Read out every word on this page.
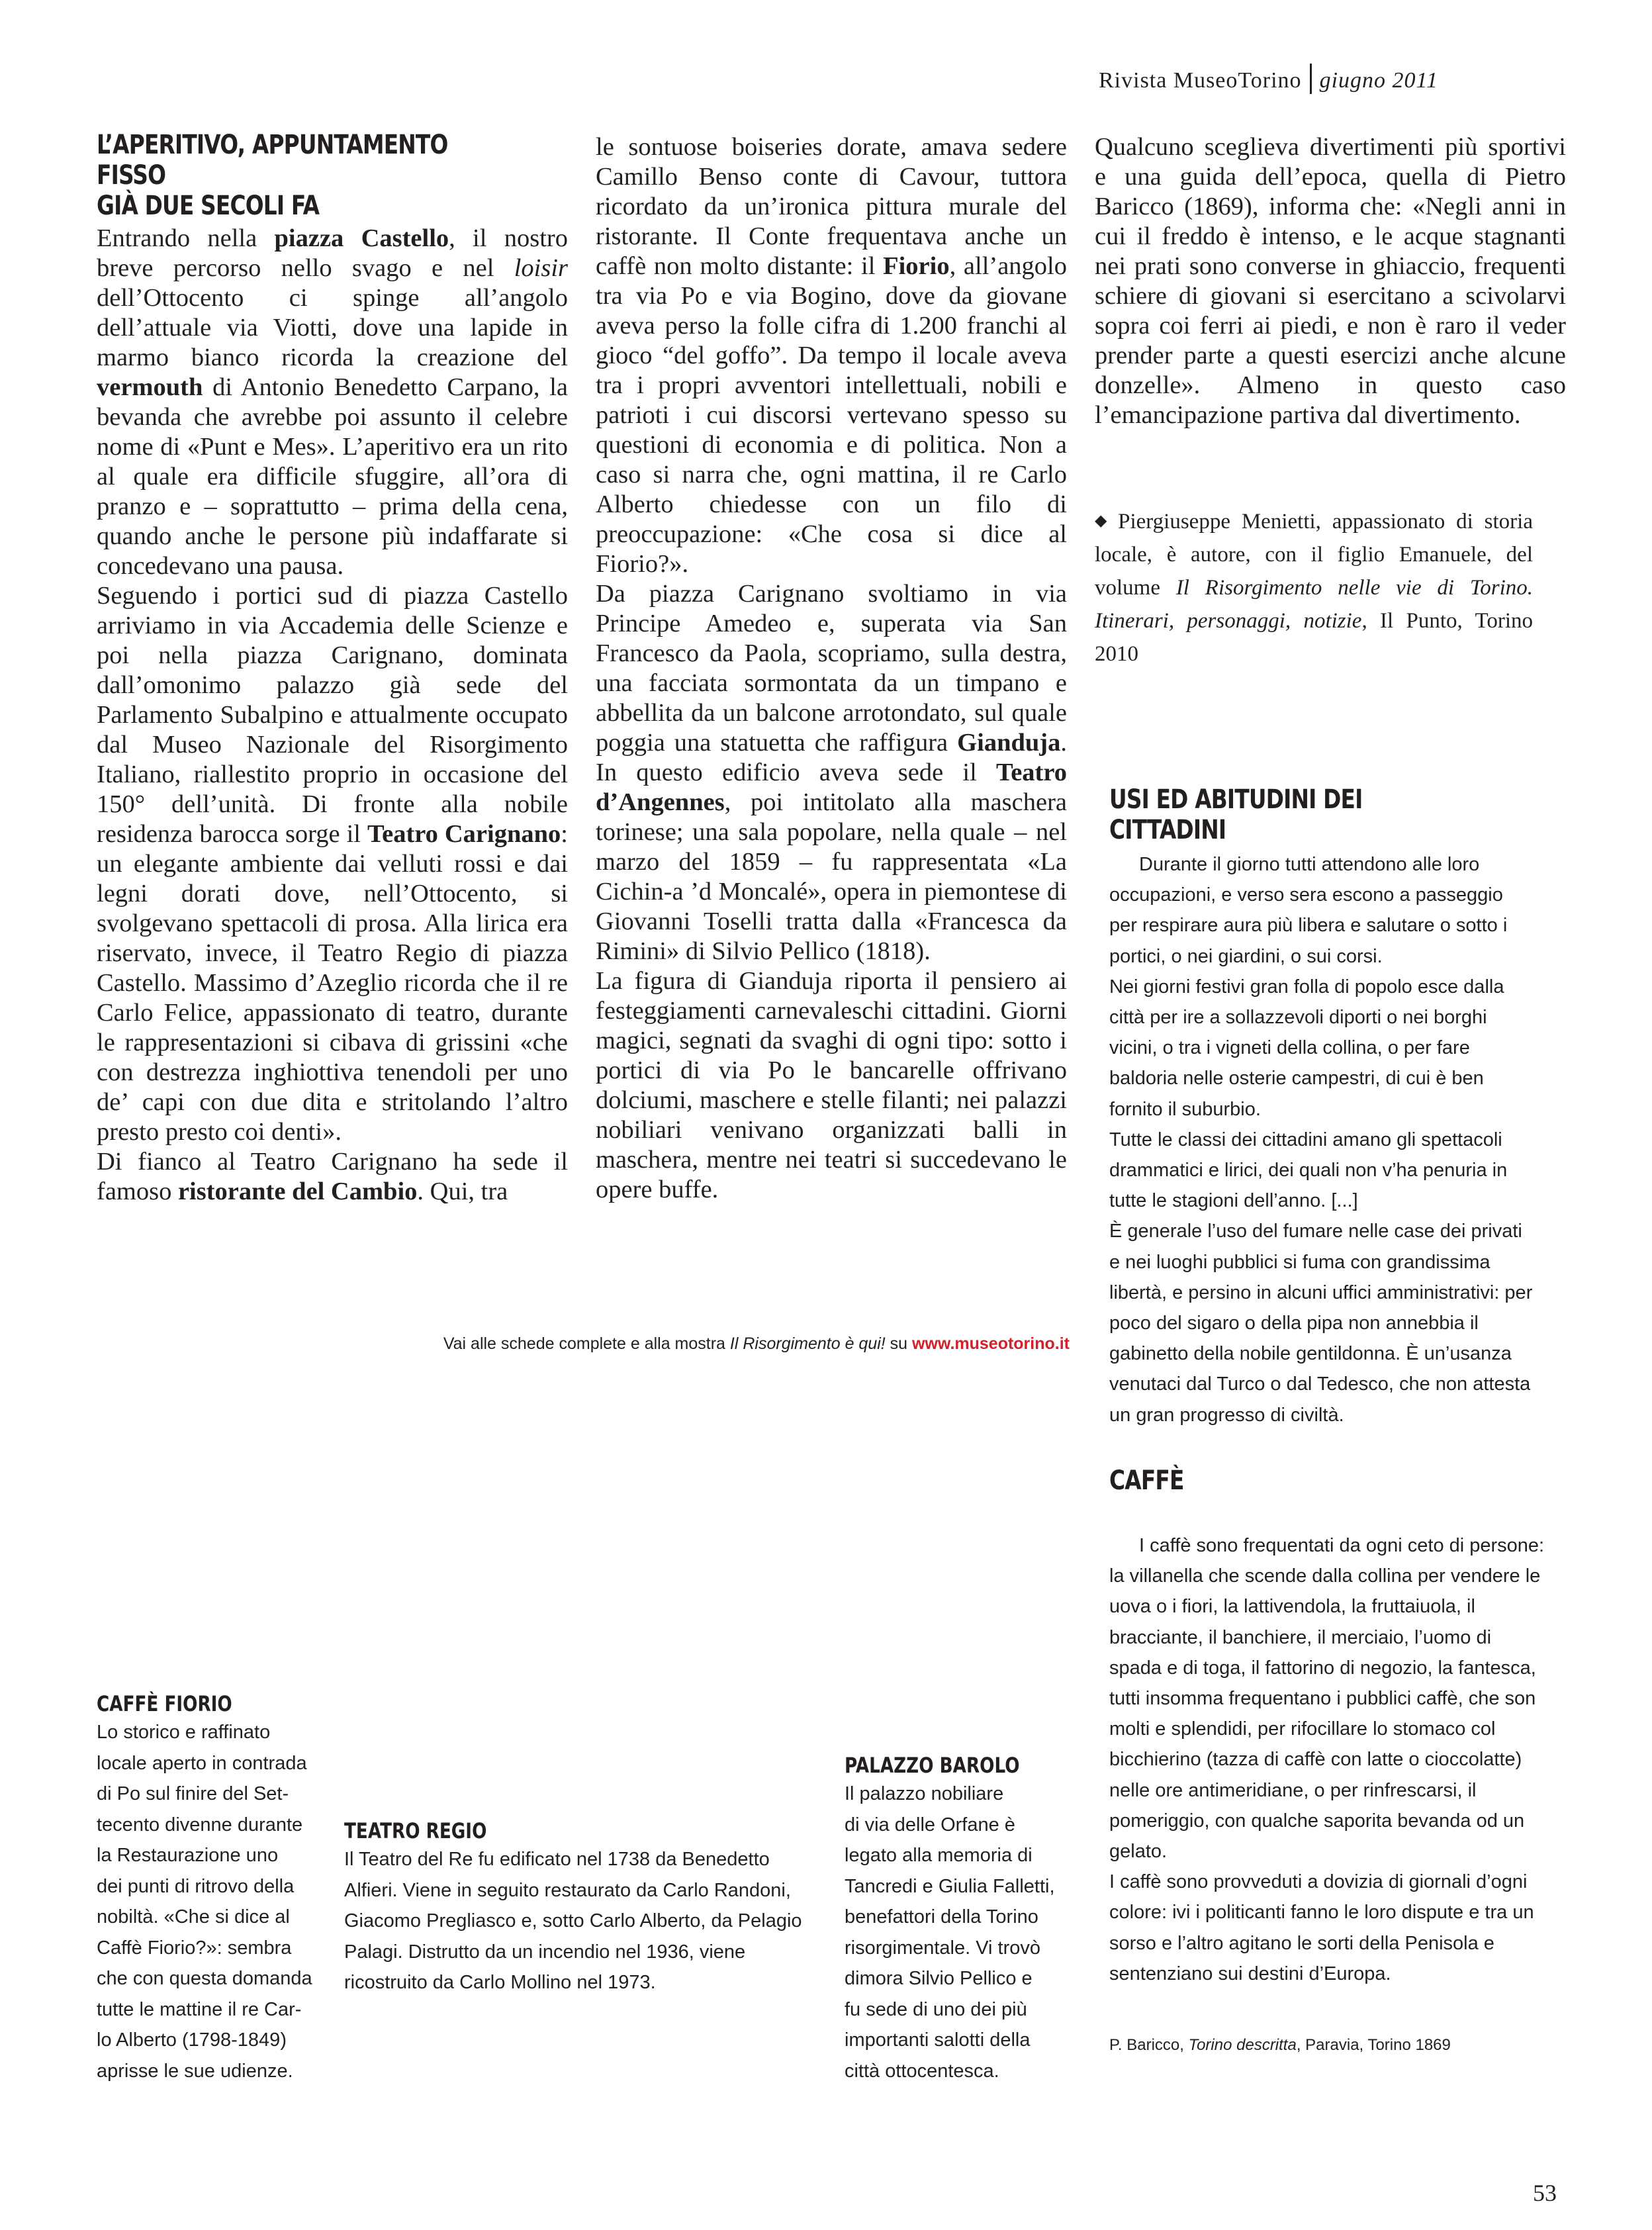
Rivista MuseoTorino giugno 2011
L’APERITIVO, APPUNTAMENTO FISSO
GIÀ DUE SECOLI FA

Entrando nella piazza Castello, il nostro breve percorso nello svago e nel loisir dell’Ottocento ci spinge all’angolo dell’attuale via Viotti, dove una lapide in marmo bianco ricorda la creazione del vermouth di Antonio Benedetto Carpano, la bevanda che avrebbe poi assunto il celebre nome di «Punt e Mes». L’aperitivo era un rito al quale era difficile sfuggire, all’ora di pranzo e – soprattutto – prima della cena, quando anche le persone più indaffarate si concedevano una pausa.

Seguendo i portici sud di piazza Castello arriviamo in via Accademia delle Scienze e poi nella piazza Carignano, dominata dall’omonimo palazzo già sede del Parlamento Subalpino e attualmente occupato dal Museo Nazionale del Risorgimento Italiano, riallestito proprio in occasione del 150° dell’unità. Di fronte alla nobile residenza barocca sorge il Teatro Carignano: un elegante ambiente dai velluti rossi e dai legni dorati dove, nell’Ottocento, si svolgevano spettacoli di prosa. Alla lirica era riservato, invece, il Teatro Regio di piazza Castello. Massimo d’Azeglio ricorda che il re Carlo Felice, appassionato di teatro, durante le rappresentazioni si cibava di grissini «che con destrezza inghiottiva tenendoli per uno de’ capi con due dita e stritolando l’altro presto presto coi denti».

Di fianco al Teatro Carignano ha sede il famoso ristorante del Cambio. Qui, tra

le sontuose boiseries dorate, amava sedere Camillo Benso conte di Cavour, tuttora ricordato da un’ironica pittura murale del ristorante. Il Conte frequentava anche un caffè non molto distante: il Fiorio, all’angolo tra via Po e via Bogino, dove da giovane aveva perso la folle cifra di 1.200 franchi al gioco “del goffo”. Da tempo il locale aveva tra i propri avventori intellettuali, nobili e patrioti i cui discorsi vertevano spesso su questioni di economia e di politica. Non a caso si narra che, ogni mattina, il re Carlo Alberto chiedesse con un filo di preoccupazione: «Che cosa si dice al Fiorio?».

Da piazza Carignano svoltiamo in via Principe Amedeo e, superata via San Francesco da Paola, scopriamo, sulla destra, una facciata sormontata da un timpano e abbellita da un balcone arrotondato, sul quale poggia una statuetta che raffigura Gianduja. In questo edificio aveva sede il Teatro d’Angennes, poi intitolato alla maschera torinese; una sala popolare, nella quale – nel marzo del 1859 – fu rappresentata «La Cichin-a ’d Moncalé», opera in piemontese di Giovanni Toselli tratta dalla «Francesca da Rimini» di Silvio Pellico (1818).

La figura di Gianduja riporta il pensiero ai festeggiamenti carnevaleschi cittadini. Giorni magici, segnati da svaghi di ogni tipo: sotto i portici di via Po le bancarelle offrivano dolciumi, maschere e stelle filanti; nei palazzi nobiliari venivano organizzati balli in maschera, mentre nei teatri si succedevano le opere buffe.

Qualcuno sceglieva divertimenti più sportivi e una guida dell’epoca, quella di Pietro Baricco (1869), informa che: «Negli anni in cui il freddo è intenso, e le acque stagnanti nei prati sono converse in ghiaccio, frequenti schiere di giovani si esercitano a scivolarvi sopra coi ferri ai piedi, e non è raro il veder prender parte a questi esercizi anche alcune donzelle». Almeno in questo caso l’emancipazione partiva dal divertimento.

◆ Piergiuseppe Menietti, appassionato di storia locale, è autore, con il figlio Emanuele, del volume Il Risorgimento nelle vie di Torino. Itinerari, personaggi, notizie, Il Punto, Torino 2010
Vai alle schede complete e alla mostra Il Risorgimento è qui! su www.museotorino.it
USI ED ABITUDINI DEI CITTADINI

Durante il giorno tutti attendono alle loro occupazioni, e verso sera escono a passeggio per respirare aura più libera e salutare o sotto i portici, o nei giardini, o sui corsi.

Nei giorni festivi gran folla di popolo esce dalla città per ire a sollazzevoli diporti o nei borghi vicini, o tra i vigneti della collina, o per fare baldoria nelle osterie campestri, di cui è ben fornito il suburbio.

Tutte le classi dei cittadini amano gli spettacoli drammatici e lirici, dei quali non v’ha penuria in tutte le stagioni dell’anno. [...]

È generale l’uso del fumare nelle case dei privati e nei luoghi pubblici si fuma con grandissima libertà, e persino in alcuni uffici amministrativi: per poco del sigaro o della pipa non annebbia il gabinetto della nobile gentildonna. È un’usanza venutaci dal Turco o dal Tedesco, che non attesta un gran progresso di civiltà.

CAFFÈ

I caffè sono frequentati da ogni ceto di persone: la villanella che scende dalla collina per vendere le uova o i fiori, la lattivendola, la fruttaiuola, il bracciante, il banchiere, il merciaio, l’uomo di spada e di toga, il fattorino di negozio, la fantesca, tutti insomma frequentano i pubblici caffè, che son molti e splendidi, per rifocillare lo stomaco col bicchierino (tazza di caffè con latte o cioccolatte) nelle ore antimeridiane, o per rinfrescarsi, il pomeriggio, con qualche saporita bevanda od un gelato.

I caffè sono provveduti a dovizia di giornali d’ogni colore: ivi i politicanti fanno le loro dispute e tra un sorso e l’altro agitano le sorti della Penisola e sentenziano sui destini d’Europa.

P. Baricco, Torino descritta, Paravia, Torino 1869
CAFFÈ FIORIO

Lo storico e raffinato
locale aperto in contrada
di Po sul finire del Set-
tecento divenne durante
la Restaurazione uno
dei punti di ritrovo della
nobiltà. «Che si dice al
Caffè Fiorio?»: sembra
che con questa domanda
tutte le mattine il re Car-
lo Alberto (1798-1849)
aprisse le sue udienze.

TEATRO REGIO

Il Teatro del Re fu edificato nel 1738 da Benedetto
Alfieri. Viene in seguito restaurato da Carlo Randoni,
Giacomo Pregliasco e, sotto Carlo Alberto, da Pelagio
Palagi. Distrutto da un incendio nel 1936, viene
ricostruito da Carlo Mollino nel 1973.

PALAZZO BAROLO

Il palazzo nobiliare
di via delle Orfane è
legato alla memoria di
Tancredi e Giulia Falletti,
benefattori della Torino
risorgimentale. Vi trovò
dimora Silvio Pellico e
fu sede di uno dei più
importanti salotti della
città ottocentesca.

53
